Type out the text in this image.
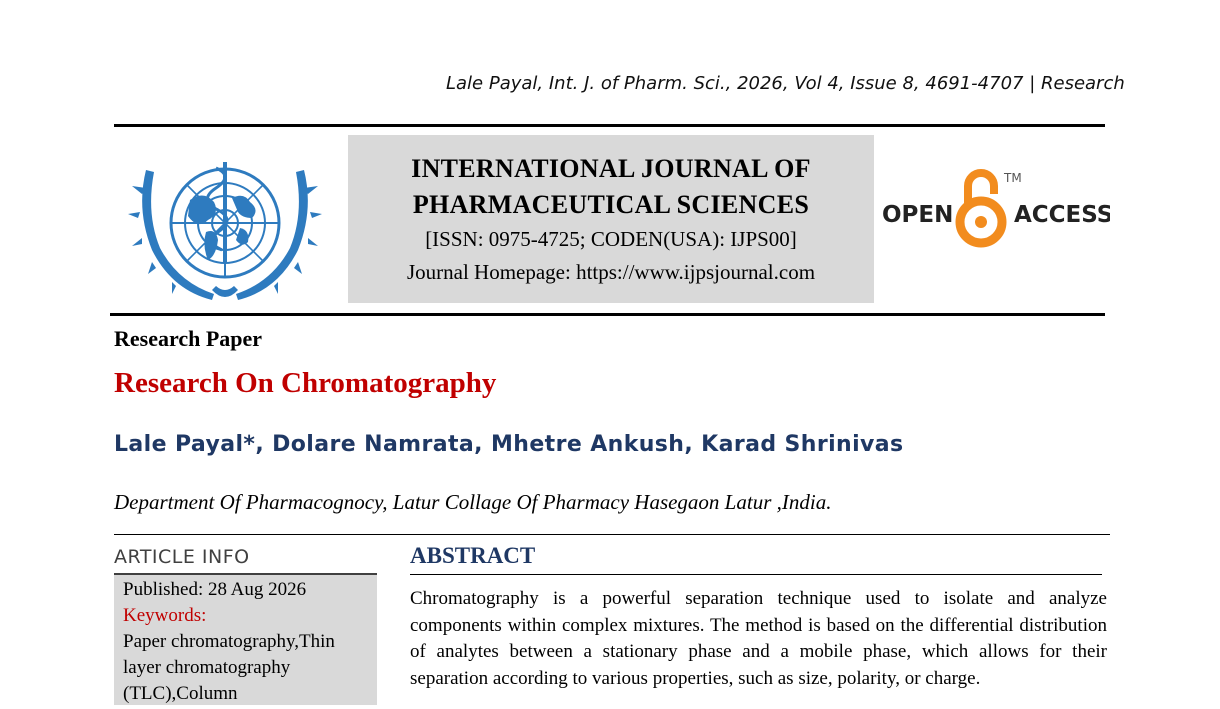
Lale Payal, Int. J. of Pharm. Sci., 2026, Vol 4, Issue 8, 4691-4707 | Research
INTERNATIONAL JOURNAL OF
PHARMACEUTICAL SCIENCES
[ISSN: 0975-4725; CODEN(USA): IJPS00]
Journal Homepage: https://www.ijpsjournal.com
OPEN	ACCESS
TM
Research Paper
Research On Chromatography
Lale Payal*, Dolare Namrata, Mhetre Ankush, Karad Shrinivas
Department Of Pharmacognocy, Latur Collage Of Pharmacy Hasegaon Latur ,India.
ARTICLE INFO
Published: 28 Aug 2026
Keywords:
Paper chromatography,Thin
layer chromatography
(TLC),Column
ABSTRACT
Chromatography is a powerful separation technique used to isolate and analyze components within complex mixtures. The method is based on the differential distribution of analytes between a stationary phase and a mobile phase, which allows for their separation according to various properties, such as size, polarity, or charge.
